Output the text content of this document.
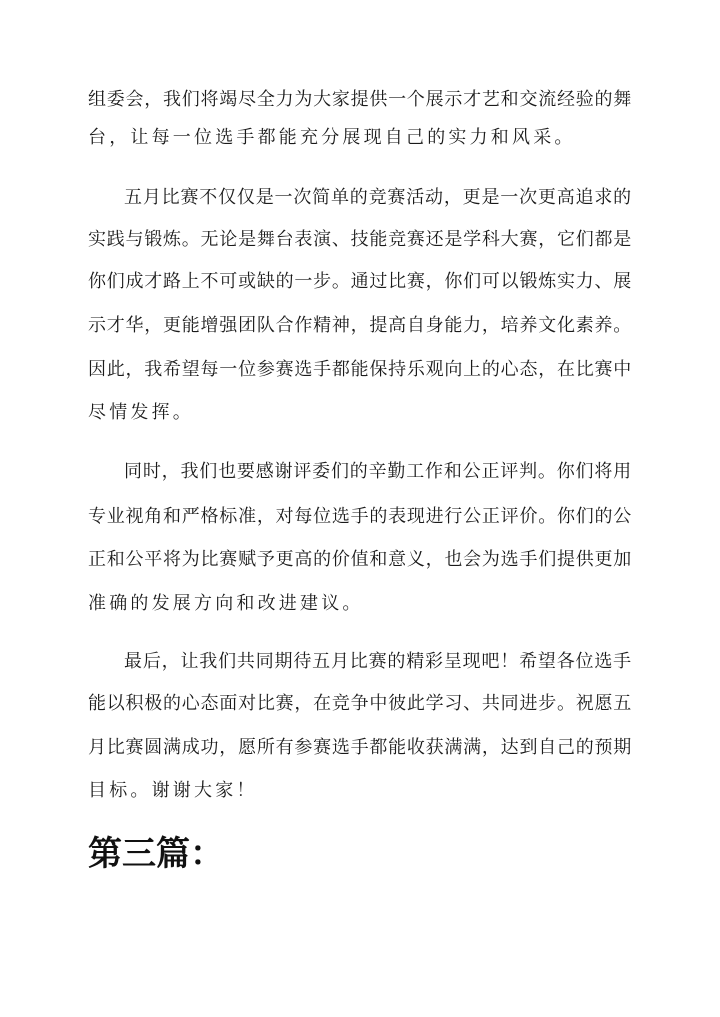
组委会，我们将竭尽全力为大家提供一个展示才艺和交流经验的舞
台，让每一位选手都能充分展现自己的实力和风采。
五月比赛不仅仅是一次简单的竞赛活动，更是一次更高追求的
实践与锻炼。无论是舞台表演、技能竞赛还是学科大赛，它们都是
你们成才路上不可或缺的一步。通过比赛，你们可以锻炼实力、展
示才华，更能增强团队合作精神，提高自身能力，培养文化素养。
因此，我希望每一位参赛选手都能保持乐观向上的心态，在比赛中
尽情发挥。
同时，我们也要感谢评委们的辛勤工作和公正评判。你们将用
专业视角和严格标准，对每位选手的表现进行公正评价。你们的公
正和公平将为比赛赋予更高的价值和意义，也会为选手们提供更加
准确的发展方向和改进建议。
最后，让我们共同期待五月比赛的精彩呈现吧！希望各位选手
能以积极的心态面对比赛，在竞争中彼此学习、共同进步。祝愿五
月比赛圆满成功，愿所有参赛选手都能收获满满，达到自己的预期
目标。谢谢大家！
第三篇：
